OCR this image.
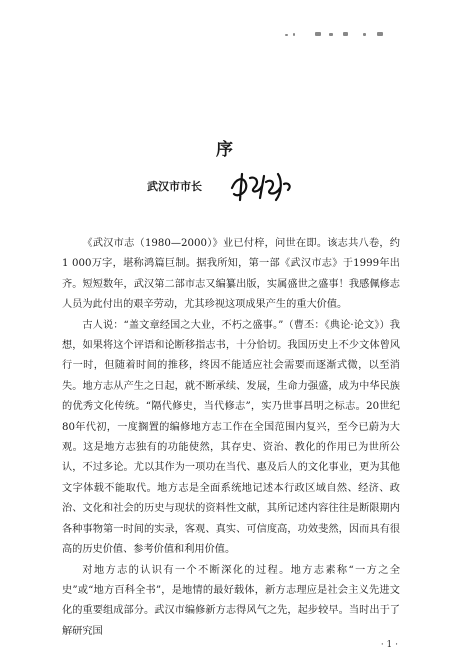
序
武汉市市长

《武汉市志（1980—2000）》业已付梓，问世在即。该志共八卷，约1 000万字，堪称鸿篇巨制。据我所知，第一部《武汉市志》于1999年出齐。短短数年，武汉第二部市志又编纂出版，实属盛世之盛事！我感佩修志人员为此付出的艰辛劳动，尤其珍视这项成果产生的重大价值。

古人说：“盖文章经国之大业，不朽之盛事。”（曹丕：《典论·论文》）我想，如果将这个评语和论断移指志书，十分恰切。我国历史上不少文体曾风行一时，但随着时间的推移，终因不能适应社会需要而逐渐式微，以至消失。地方志从产生之日起，就不断承续、发展，生命力强盛，成为中华民族的优秀文化传统。“隔代修史，当代修志”，实乃世事昌明之标志。20世纪80年代初，一度搁置的编修地方志工作在全国范围内复兴，至今已蔚为大观。这是地方志独有的功能使然，其存史、资治、教化的作用已为世所公认，不过多论。尤以其作为一项功在当代、惠及后人的文化事业，更为其他文字体载不能取代。地方志是全面系统地记述本行政区域自然、经济、政治、文化和社会的历史与现状的资料性文献，其所记述内容往往是断限期内各种事物第一时间的实录，客观、真实、可信度高，功效斐然，因而具有很高的历史价值、参考价值和利用价值。

对地方志的认识有一个不断深化的过程。地方志素称“一方之全史”或“地方百科全书”，是地情的最好载体，新方志理应是社会主义先进文化的重要组成部分。武汉市编修新方志得风气之先，起步较早。当时出于了解研究国

· 1 ·
